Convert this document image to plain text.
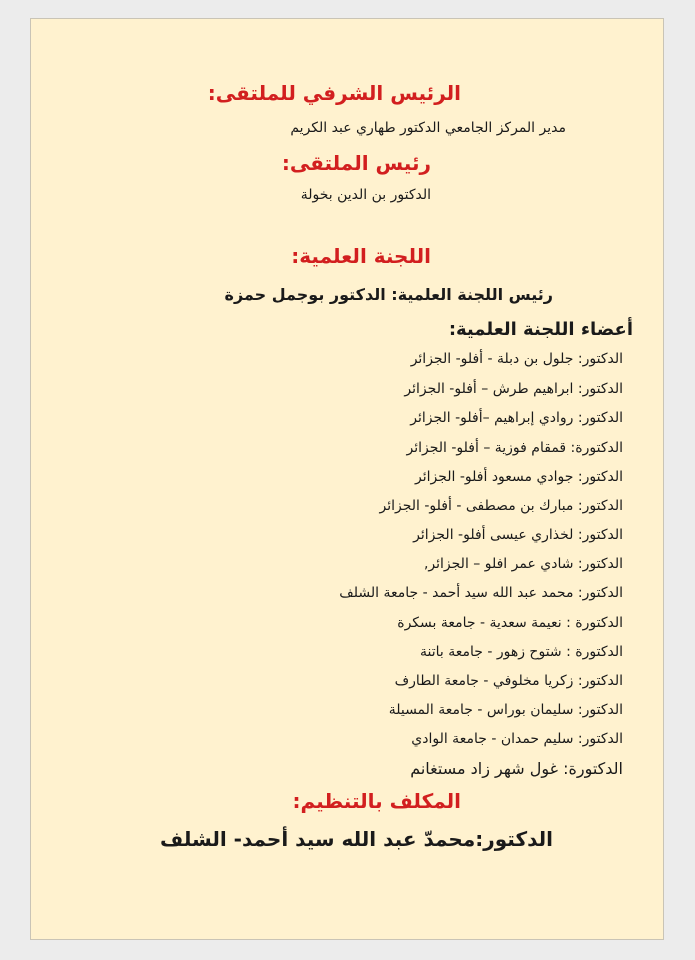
الرئيس الشرفي للملتقى:
مدير المركز الجامعي الدكتور طهاري عبد الكريم
رئيس الملتقى:
الدكتور بن الدين بخولة
اللجنة العلمية:
رئيس اللجنة العلمية: الدكتور بوجمل حمزة
أعضاء اللجنة العلمية:
الدكتور: جلول بن دبلة - أفلو- الجزائر
الدكتور: ابراهيم طرش – أفلو- الجزائر
الدكتور: روادي إبراهيم –أفلو- الجزائر
الدكتورة: قمقام فوزية – أفلو- الجزائر
الدكتور: جوادي مسعود أفلو- الجزائر
الدكتور: مبارك بن مصطفى - أفلو- الجزائر
الدكتور: لخذاري عيسى أفلو- الجزائر
الدكتور: شادي عمر افلو – الجزائر,
الدكتور: محمد عبد الله سيد أحمد - جامعة الشلف
الدكتورة : نعيمة سعدية - جامعة بسكرة
الدكتورة : شتوح زهور - جامعة باتنة
الدكتور: زكريا مخلوفي - جامعة الطارف
الدكتور: سليمان بوراس - جامعة المسيلة
الدكتور: سليم حمدان - جامعة الوادي
الدكتورة: غول شهر زاد مستغانم
المكلف بالتنظيم:
الدكتور:محمدّ عبد الله سيد أحمد- الشلف
